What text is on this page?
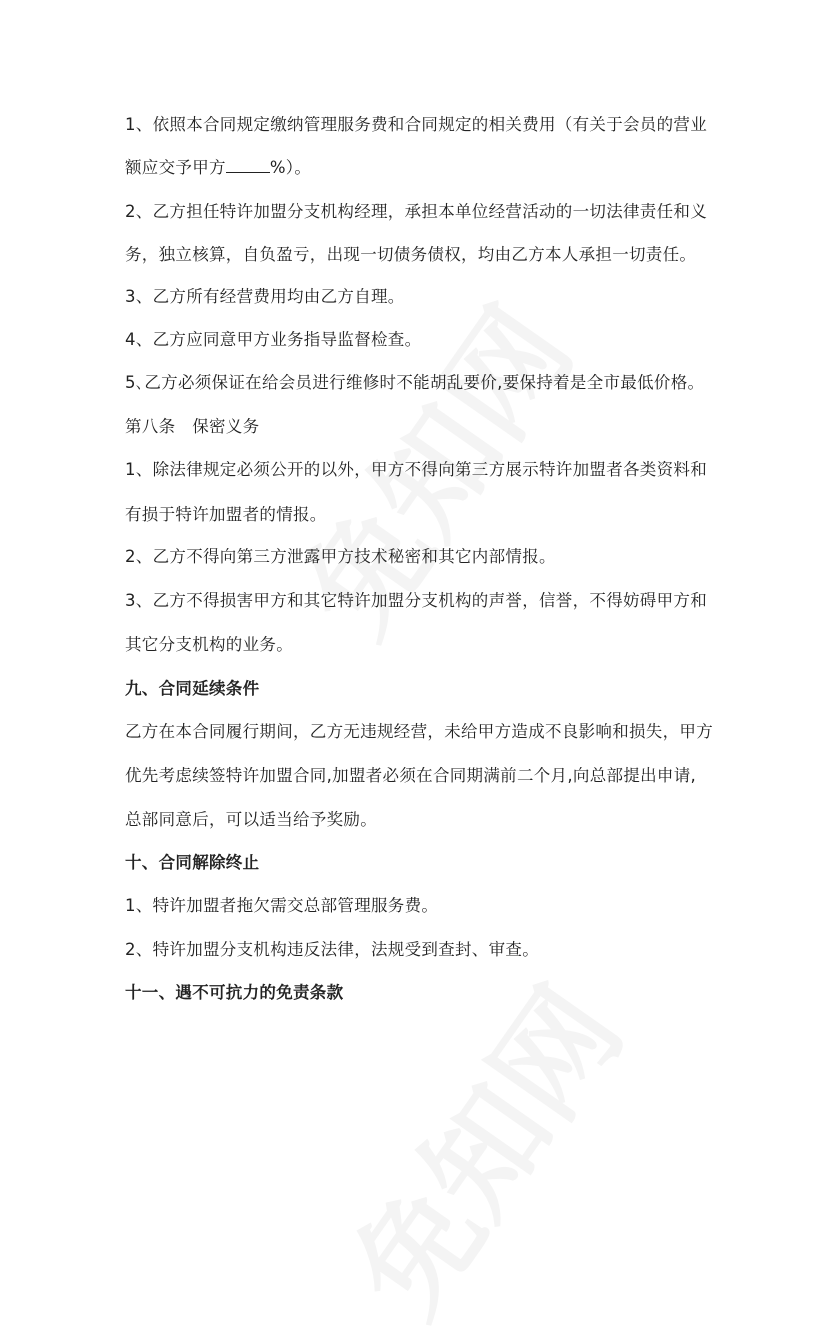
1、依照本合同规定缴纳管理服务费和合同规定的相关费用（有关于会员的营业
额应交予甲方	%）。
2、乙方担任特许加盟分支机构经理，承担本单位经营活动的一切法律责任和义
务，独立核算，自负盈亏，出现一切债务债权，均由乙方本人承担一切责任。
3、乙方所有经营费用均由乙方自理。
4、乙方应同意甲方业务指导监督检查。
5､乙方必须保证在给会员进行维修时不能胡乱要价,要保持着是全市最低价格。
第八条　保密义务
1、除法律规定必须公开的以外，甲方不得向第三方展示特许加盟者各类资料和
有损于特许加盟者的情报。
2、乙方不得向第三方泄露甲方技术秘密和其它内部情报。
3、乙方不得损害甲方和其它特许加盟分支机构的声誉，信誉，不得妨碍甲方和
其它分支机构的业务。
九、合同延续条件
乙方在本合同履行期间，乙方无违规经营，未给甲方造成不良影响和损失，甲方
优先考虑续签特许加盟合同,加盟者必须在合同期满前二个月,向总部提出申请,
总部同意后，可以适当给予奖励。
十、合同解除终止
1、特许加盟者拖欠需交总部管理服务费。
2、特许加盟分支机构违反法律，法规受到查封、审查。
十一、遇不可抗力的免责条款
